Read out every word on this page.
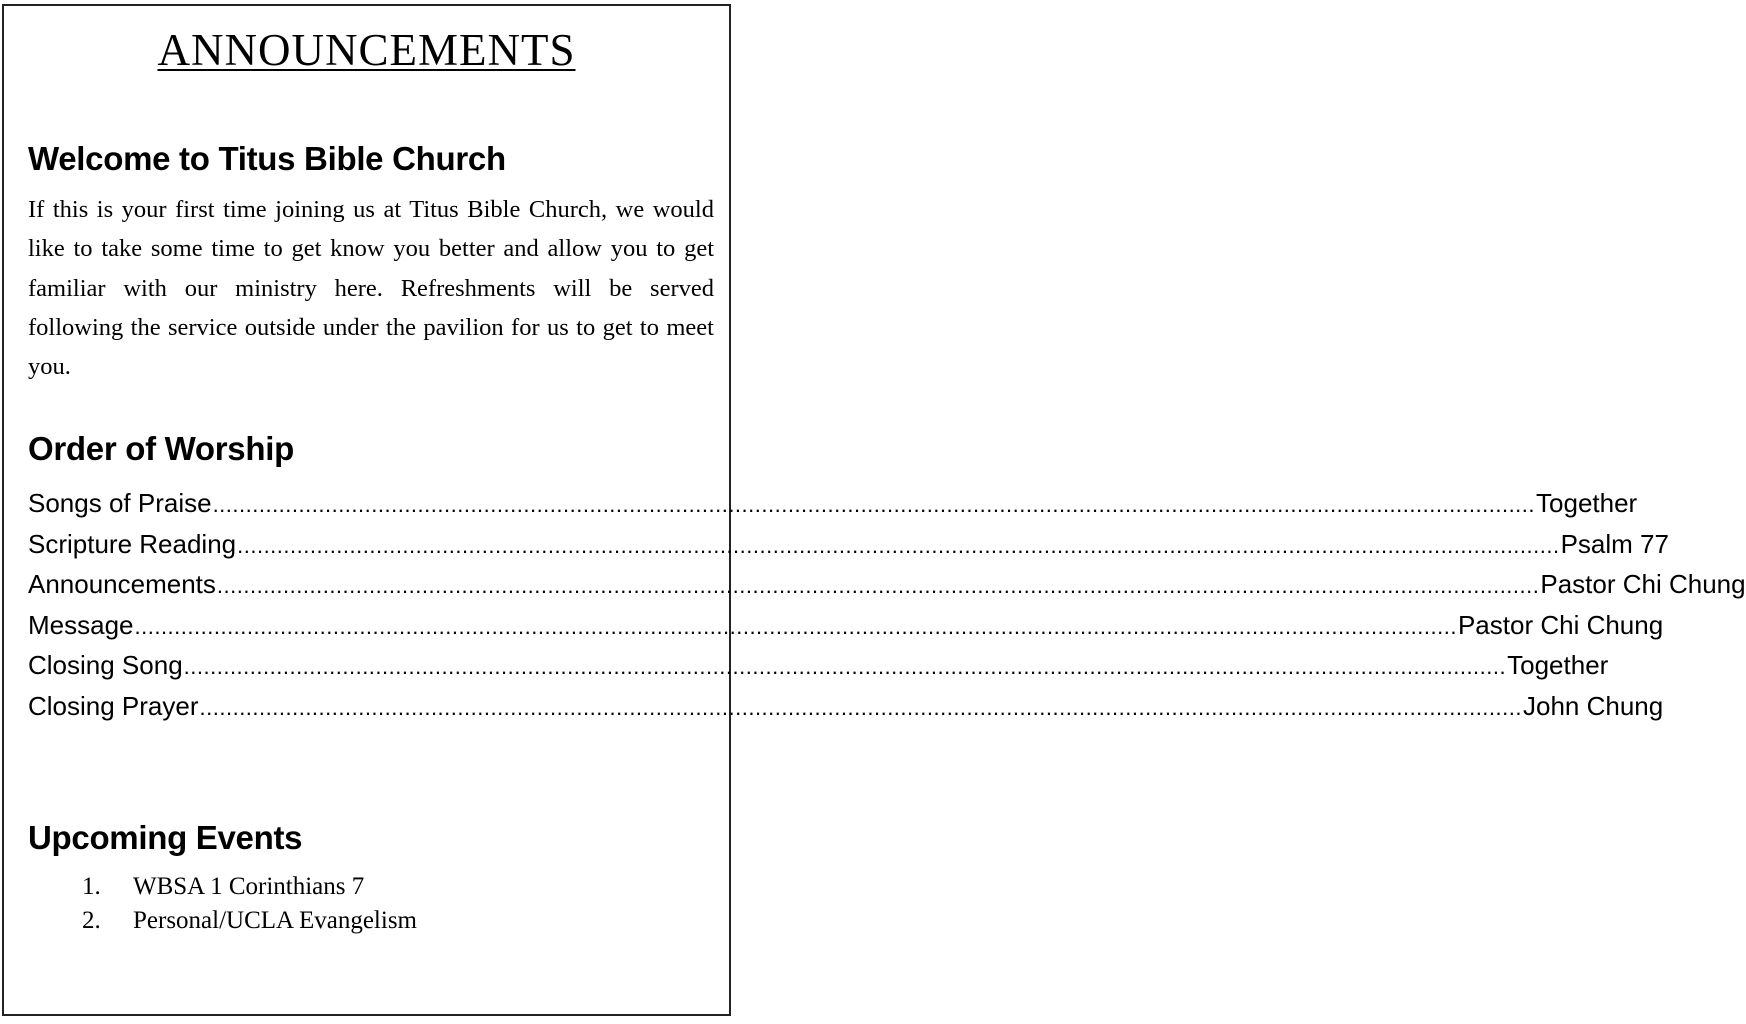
ANNOUNCEMENTS
Welcome to Titus Bible Church
If this is your first time joining us at Titus Bible Church, we would like to take some time to get know you better and allow you to get familiar with our ministry here. Refreshments will be served following the service outside under the pavilion for us to get to meet you.
Order of Worship
Songs of Praise ........................................................................................................................................................................................................ Together
Scripture Reading ........................................................................................................................................................................................................ Psalm 77
Announcements ........................................................................................................................................................................................................ Pastor Chi Chung
Message ........................................................................................................................................................................................................ Pastor Chi Chung
Closing Song ........................................................................................................................................................................................................ Together
Closing Prayer ........................................................................................................................................................................................................ John Chung
Upcoming Events
1.	WBSA 1 Corinthians 7
2.	Personal/UCLA Evangelism
